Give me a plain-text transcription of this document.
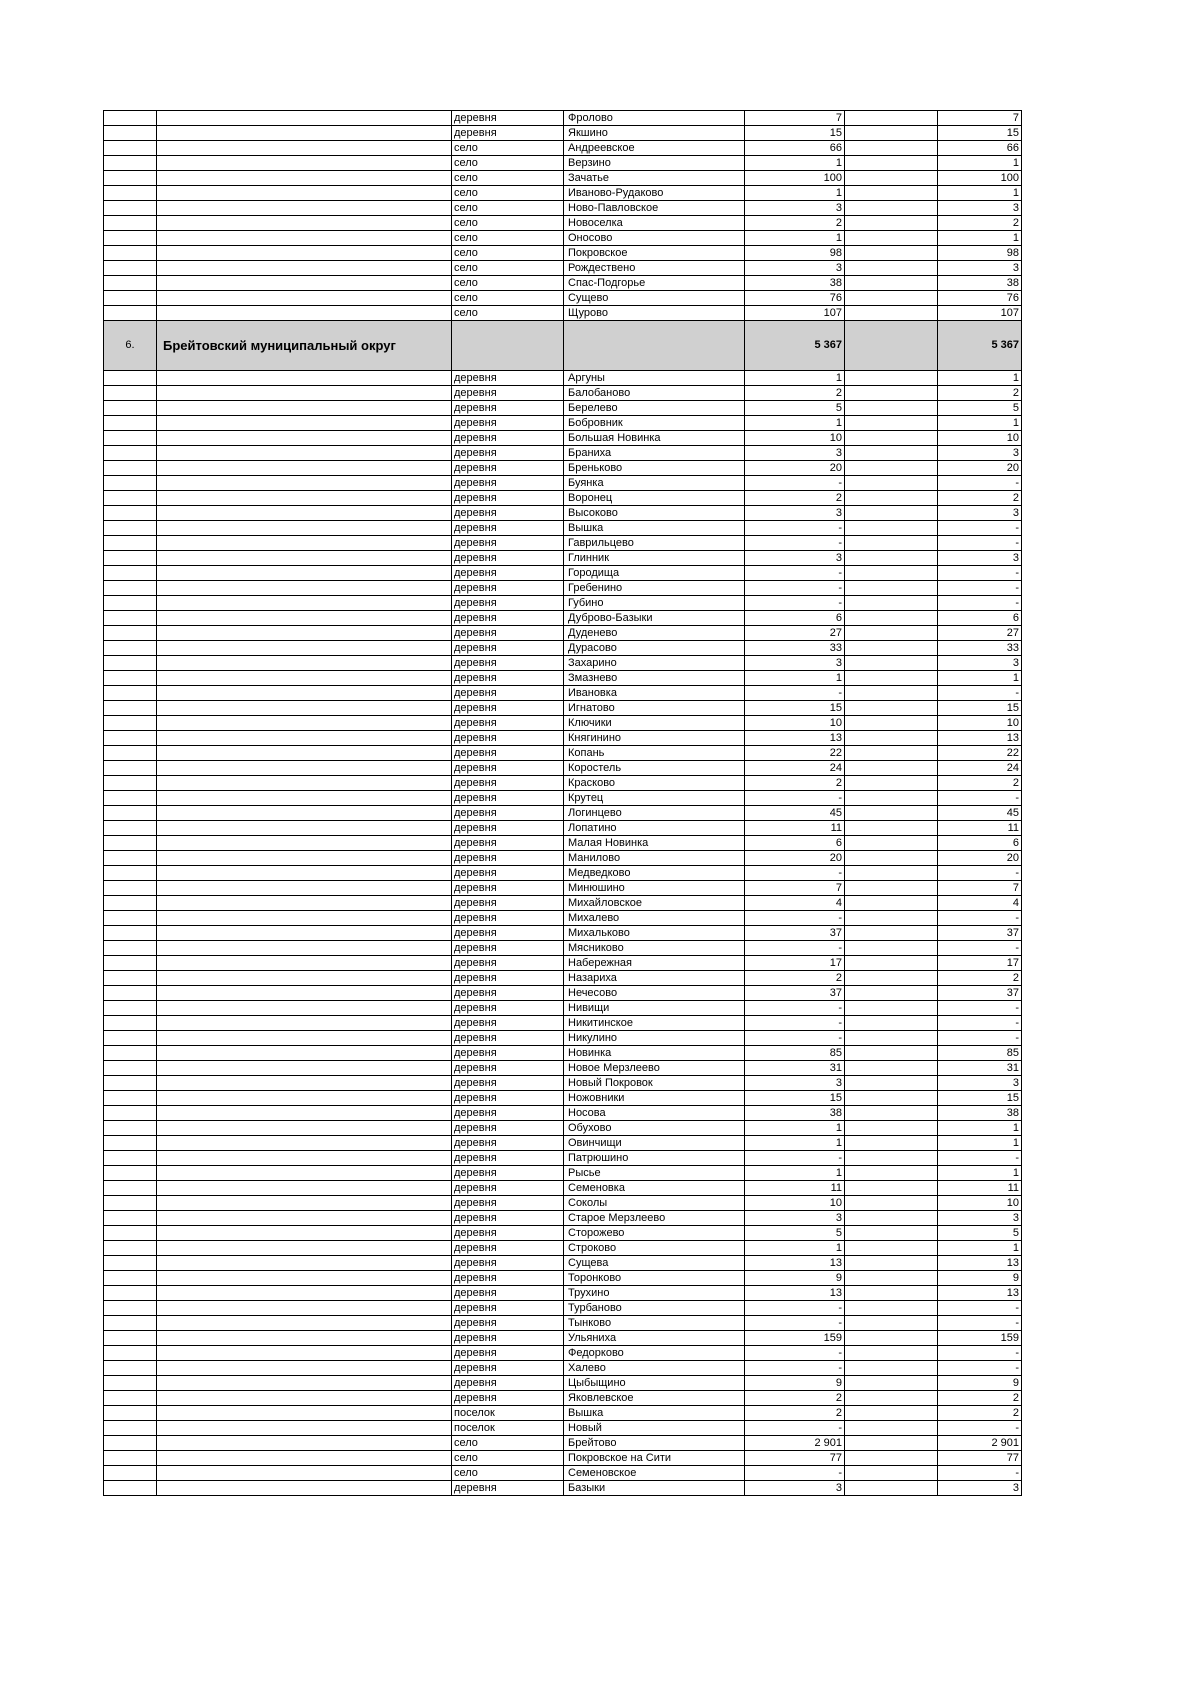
		деревня	Фролово	7		7
		деревня	Якшино	15		15
		село	Андреевское	66		66
		село	Верзино	1		1
		село	Зачатье	100		100
		село	Иваново-Рудаково	1		1
		село	Ново-Павловское	3		3
		село	Новоселка	2		2
		село	Оносово	1		1
		село	Покровское	98		98
		село	Рождествено	3		3
		село	Спас-Подгорье	38		38
		село	Сущево	76		76
		село	Щурово	107		107
6.	Брейтовский муниципальный округ			5 367		5 367
		деревня	Аргуны	1		1
		деревня	Балобаново	2		2
		деревня	Берелево	5		5
		деревня	Бобровник	1		1
		деревня	Большая Новинка	10		10
		деревня	Браниха	3		3
		деревня	Бреньково	20		20
		деревня	Буянка	-		-
		деревня	Воронец	2		2
		деревня	Высоково	3		3
		деревня	Вышка	-		-
		деревня	Гаврильцево	-		-
		деревня	Глинник	3		3
		деревня	Городища	-		-
		деревня	Гребенино	-		-
		деревня	Губино	-		-
		деревня	Дуброво-Базыки	6		6
		деревня	Дуденево	27		27
		деревня	Дурасово	33		33
		деревня	Захарино	3		3
		деревня	Змазнево	1		1
		деревня	Ивановка	-		-
		деревня	Игнатово	15		15
		деревня	Ключики	10		10
		деревня	Княгинино	13		13
		деревня	Копань	22		22
		деревня	Коростель	24		24
		деревня	Красково	2		2
		деревня	Крутец	-		-
		деревня	Логинцево	45		45
		деревня	Лопатино	11		11
		деревня	Малая Новинка	6		6
		деревня	Манилово	20		20
		деревня	Медведково	-		-
		деревня	Минюшино	7		7
		деревня	Михайловское	4		4
		деревня	Михалево	-		-
		деревня	Михальково	37		37
		деревня	Мясниково	-		-
		деревня	Набережная	17		17
		деревня	Назариха	2		2
		деревня	Нечесово	37		37
		деревня	Нивищи	-		-
		деревня	Никитинское	-		-
		деревня	Никулино	-		-
		деревня	Новинка	85		85
		деревня	Новое Мерзлеево	31		31
		деревня	Новый Покровок	3		3
		деревня	Ножовники	15		15
		деревня	Носова	38		38
		деревня	Обухово	1		1
		деревня	Овинчищи	1		1
		деревня	Патрюшино	-		-
		деревня	Рысье	1		1
		деревня	Семеновка	11		11
		деревня	Соколы	10		10
		деревня	Старое Мерзлеево	3		3
		деревня	Сторожево	5		5
		деревня	Строково	1		1
		деревня	Сущева	13		13
		деревня	Торонково	9		9
		деревня	Трухино	13		13
		деревня	Турбаново	-		-
		деревня	Тынково	-		-
		деревня	Ульяниха	159		159
		деревня	Федорково	-		-
		деревня	Халево	-		-
		деревня	Цыбыщино	9		9
		деревня	Яковлевское	2		2
		поселок	Вышка	2		2
		поселок	Новый	-		-
		село	Брейтово	2 901		2 901
		село	Покровское на Сити	77		77
		село	Семеновское	-		-
		деревня	Базыки	3		3
